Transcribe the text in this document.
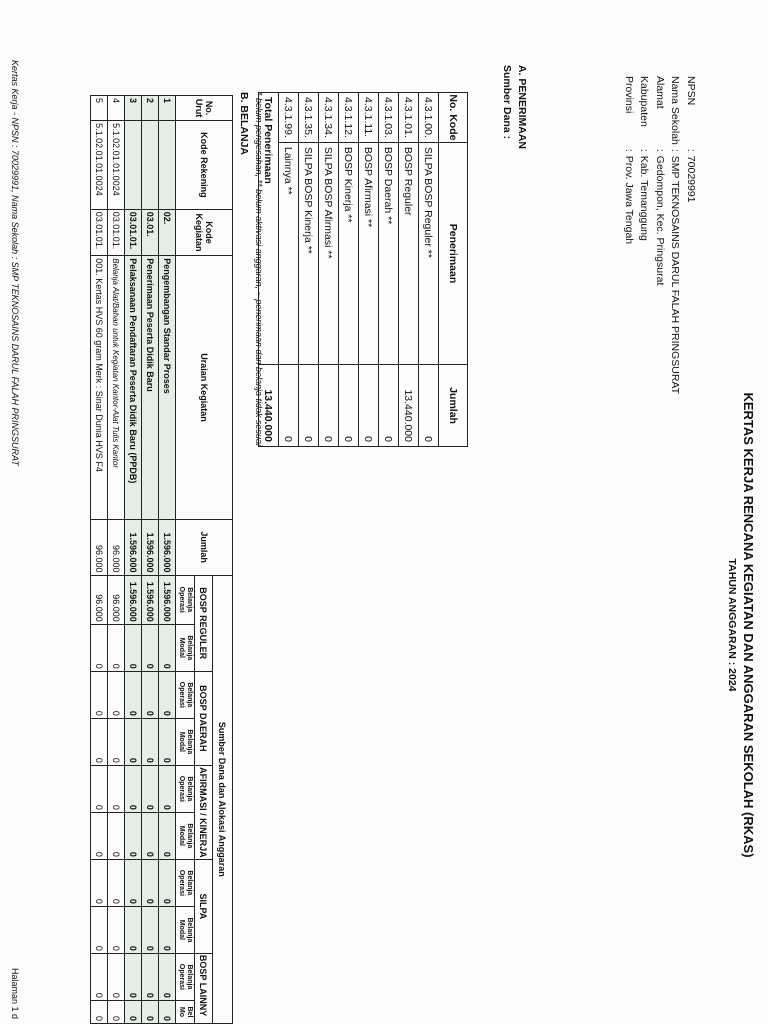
KERTAS KERJA RENCANA KEGIATAN DAN ANGGARAN SEKOLAH (RKAS)
TAHUN ANGGARAN : 2024
NPSN	:	70029991
Nama Sekolah	:	SMP TEKNOSAINS DARUL FALAH PRINGSURAT
Alamat	:	Gedompon, Kec. Pringsurat
Kabupaten	:	Kab. Temanggung
Provinsi	:	Prov. Jawa Tengah
A. PENERIMAAN
Sumber Dana :
No. Kode	Penerimaan	Jumlah
4.3.1.00.	SILPA BOSP Reguler **	0
4.3.1.01.	BOSP Reguler	13.440.000
4.3.1.03.	BOSP Daerah **	0
4.3.1.11.	BOSP Afirmasi **	0
4.3.1.12.	BOSP Kinerja **	0
4.3.1.34.	SILPA BOSP Afirmasi **	0
4.3.1.35.	SILPA BOSP Kinerja **	0
4.3.1.99.	Lainnya **	0
Total Penerimaan		13.440.000
* belum pengesahan, ** belum aktivasi anggaran, ~ penerimaan dan belanja tidak sesuai
B. BELANJA
No. Urut	Kode Rekening	Kode Kegiatan	Uraian Kegiatan	Jumlah	Sumber Dana dan Alokasi Anggaran									
					BOSP REGULER		BOSP DAERAH		AFIRMASI / KINERJA		SILPA		BOSP LAINNY	
					Belanja Operasi	Belanja Modal	Belanja Operasi	Belanja Modal	Belanja Operasi	Belanja Modal	Belanja Operasi	Belanja Modal	Belanja Operasi	Bel Mo
1		02.	Pengembangan Standar Proses	1.596.000	1.596.000	0	0	0	0	0	0	0	0	0
2		03.01.	Penerimaan Peserta Didik Baru	1.596.000	1.596.000	0	0	0	0	0	0	0	0	0
3		03.01.01.	Pelaksanaan Pendaftaran Peserta Didik Baru (PPDB)	1.596.000	1.596.000	0	0	0	0	0	0	0	0	0
4	5.1.02.01.01.0024	03.01.01.	Belanja Alat/Bahan untuk Kegiatan Kantor-Alat Tulis Kantor	96.000	96.000	0	0	0	0	0	0	0	0	0
5	5.1.02.01.01.0024	03.01.01.	001. Kertas HVS 60 gram Merk : Sinar Dunia HVS F4	96.000	96.000	0	0	0	0	0	0	0	0	0
Kertas Kerja - NPSN : 70029991, Nama Sekolah : SMP TEKNOSAINS DARUL FALAH PRINGSURAT
Halaman 1 d
